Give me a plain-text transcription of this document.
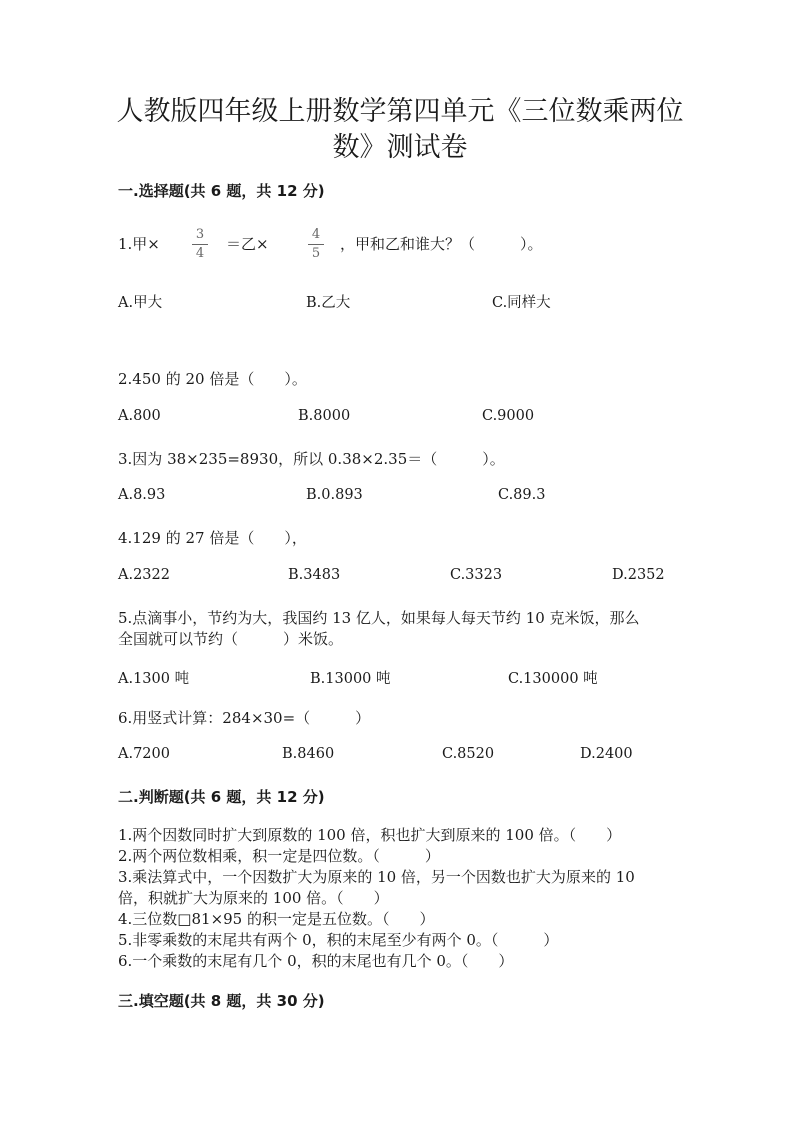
人教版四年级上册数学第四单元《三位数乘两位
数》测试卷
一.选择题(共 6 题，共 12 分)
1.甲×
3
4
＝乙×
4
5
，甲和乙和谁大？（　　　）。
A.甲大	B.乙大	C.同样大
2.450 的 20 倍是（　　）。
A.800	B.8000	C.9000
3.因为 38×235=8930，所以 0.38×2.35＝（　　　）。
A.8.93	B.0.893	C.89.3
4.129 的 27 倍是（　　），
A.2322	B.3483	C.3323	D.2352
5.点滴事小，节约为大，我国约 13 亿人，如果每人每天节约 10 克米饭，那么
全国就可以节约（　　　）米饭。
A.1300 吨	B.13000 吨	C.130000 吨
6.用竖式计算：284×30=（　　　）
A.7200	B.8460	C.8520	D.2400
二.判断题(共 6 题，共 12 分)
1.两个因数同时扩大到原数的 100 倍，积也扩大到原来的 100 倍。（　　）
2.两个两位数相乘，积一定是四位数。（　　　）
3.乘法算式中，一个因数扩大为原来的 10 倍，另一个因数也扩大为原来的 10
倍，积就扩大为原来的 100 倍。（　　）
4.三位数□81×95 的积一定是五位数。（　　）
5.非零乘数的末尾共有两个 0，积的末尾至少有两个 0。（　　　）
6.一个乘数的末尾有几个 0，积的末尾也有几个 0。（　　）
三.填空题(共 8 题，共 30 分)
